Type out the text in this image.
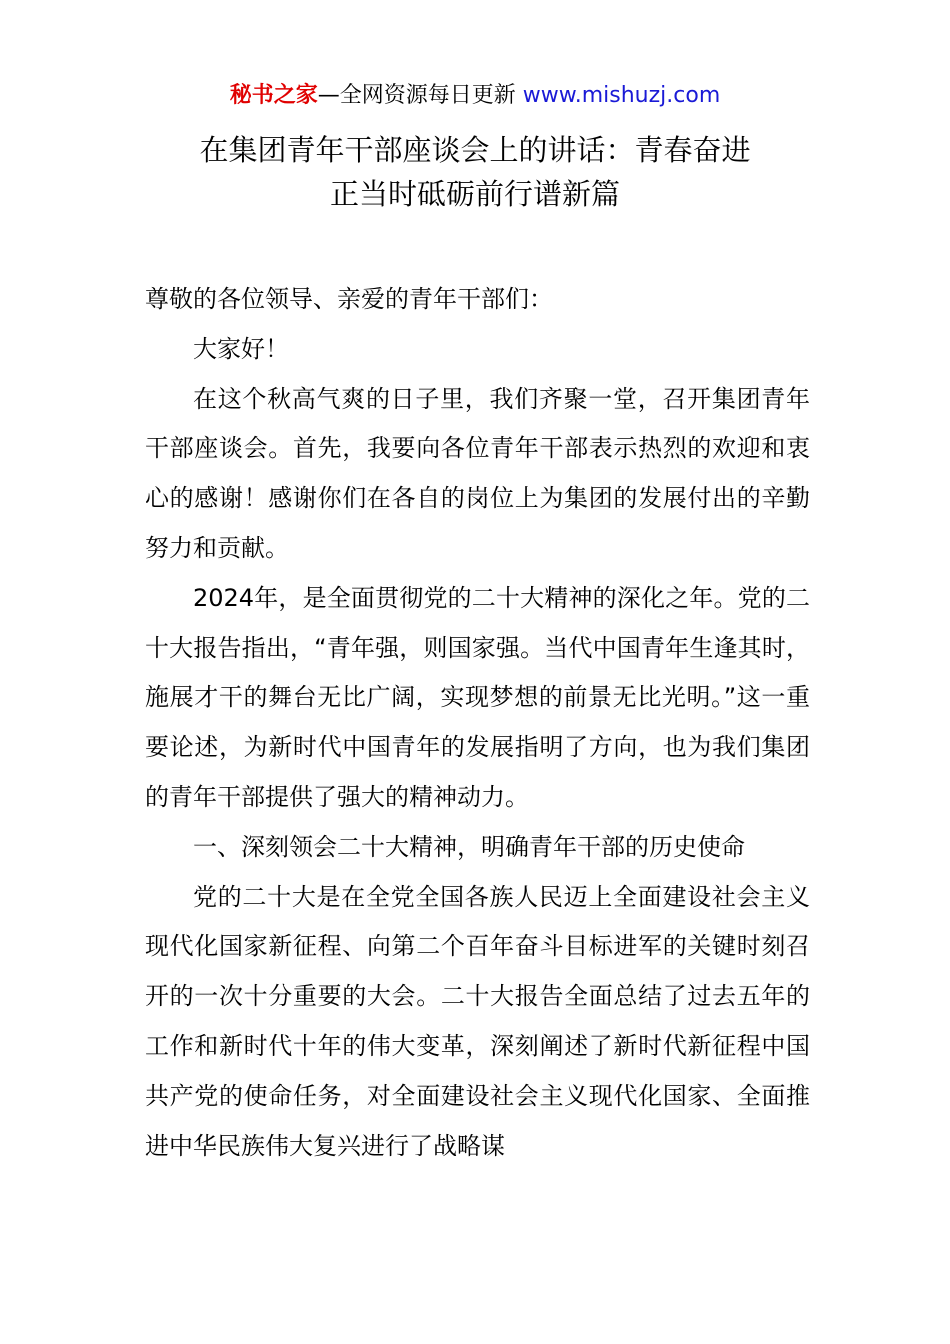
秘书之家—全网资源每日更新 www.mishuzj.com
在集团青年干部座谈会上的讲话：青春奋进
正当时砥砺前行谱新篇

尊敬的各位领导、亲爱的青年干部们：

大家好！

在这个秋高气爽的日子里，我们齐聚一堂，召开集团青年干部座谈会。首先，我要向各位青年干部表示热烈的欢迎和衷心的感谢！感谢你们在各自的岗位上为集团的发展付出的辛勤努力和贡献。

2024年，是全面贯彻党的二十大精神的深化之年。党的二十大报告指出，“青年强，则国家强。当代中国青年生逢其时，施展才干的舞台无比广阔，实现梦想的前景无比光明。”这一重要论述，为新时代中国青年的发展指明了方向，也为我们集团的青年干部提供了强大的精神动力。

一、深刻领会二十大精神，明确青年干部的历史使命

党的二十大是在全党全国各族人民迈上全面建设社会主义现代化国家新征程、向第二个百年奋斗目标进军的关键时刻召开的一次十分重要的大会。二十大报告全面总结了过去五年的工作和新时代十年的伟大变革，深刻阐述了新时代新征程中国共产党的使命任务，对全面建设社会主义现代化国家、全面推进中华民族伟大复兴进行了战略谋
